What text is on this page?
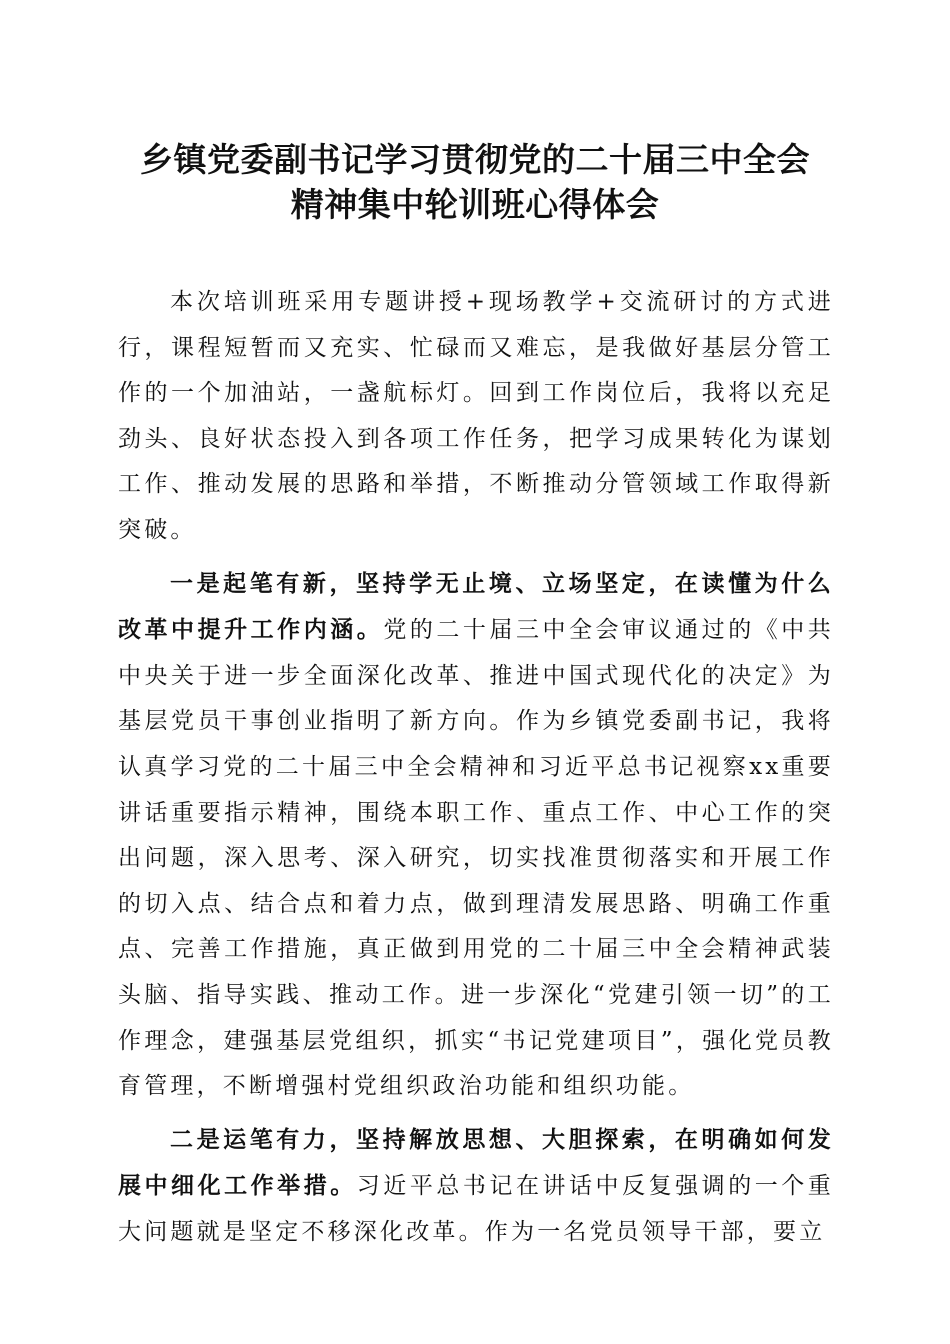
乡镇党委副书记学习贯彻党的二十届三中全会
精神集中轮训班心得体会

本次培训班采用专题讲授+现场教学+交流研讨的方式进行，课程短暂而又充实、忙碌而又难忘，是我做好基层分管工作的一个加油站，一盏航标灯。回到工作岗位后，我将以充足劲头、良好状态投入到各项工作任务，把学习成果转化为谋划工作、推动发展的思路和举措，不断推动分管领域工作取得新突破。

一是起笔有新，坚持学无止境、立场坚定，在读懂为什么改革中提升工作内涵。党的二十届三中全会审议通过的《中共中央关于进一步全面深化改革、推进中国式现代化的决定》为基层党员干事创业指明了新方向。作为乡镇党委副书记，我将认真学习党的二十届三中全会精神和习近平总书记视察xx重要讲话重要指示精神，围绕本职工作、重点工作、中心工作的突出问题，深入思考、深入研究，切实找准贯彻落实和开展工作的切入点、结合点和着力点，做到理清发展思路、明确工作重点、完善工作措施，真正做到用党的二十届三中全会精神武装头脑、指导实践、推动工作。进一步深化“党建引领一切”的工作理念，建强基层党组织，抓实“书记党建项目”，强化党员教育管理，不断增强村党组织政治功能和组织功能。

二是运笔有力，坚持解放思想、大胆探索，在明确如何发展中细化工作举措。习近平总书记在讲话中反复强调的一个重大问题就是坚定不移深化改革。作为一名党员领导干部，要立
